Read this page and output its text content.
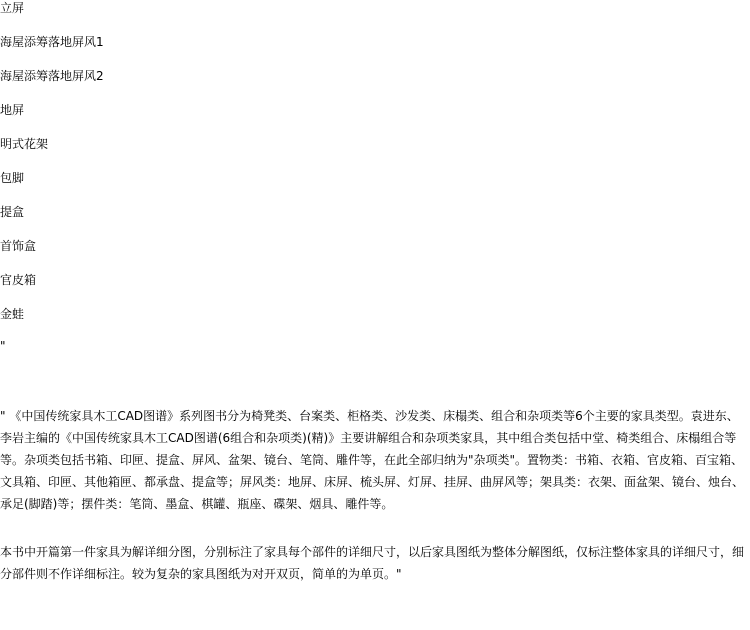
立屏

海屋添筹落地屏风1

海屋添筹落地屏风2

地屏

明式花架

包脚

提盒

首饰盒

官皮箱

金蛙

"

" 《中国传统家具木工CAD图谱》系列图书分为椅凳类、台案类、柜格类、沙发类、床榻类、组合和杂项类等6个主要的家具类型。袁进东、李岩主编的《中国传统家具木工CAD图谱(6组合和杂项类)(精)》主要讲解组合和杂项类家具，其中组合类包括中堂、椅类组合、床榻组合等等。杂项类包括书箱、印匣、提盒、屏风、盆架、镜台、笔筒、雕件等，在此全部归纳为"杂项类"。置物类：书箱、衣箱、官皮箱、百宝箱、文具箱、印匣、其他箱匣、都承盘、提盒等；屏风类：地屏、床屏、梳头屏、灯屏、挂屏、曲屏风等；架具类：衣架、面盆架、镜台、烛台、承足(脚踏)等；摆件类：笔筒、墨盒、棋罐、瓶座、碟架、烟具、雕件等。

本书中开篇第一件家具为解详细分图，分别标注了家具每个部件的详细尺寸，以后家具图纸为整体分解图纸，仅标注整体家具的详细尺寸，细分部件则不作详细标注。较为复杂的家具图纸为对开双页，简单的为单页。"
